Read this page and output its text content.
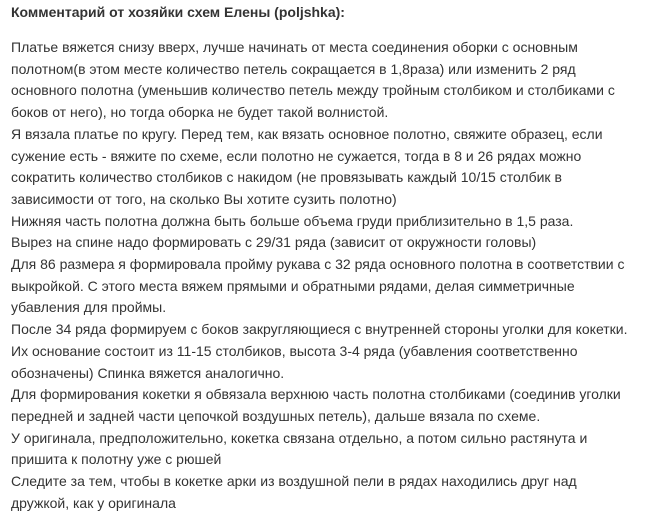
Комментарий от хозяйки схем Елены (poljshka):
Платье вяжется снизу вверх, лучше начинать от места соединения оборки с основным
полотном(в этом месте количество петель сокращается в 1,8раза) или изменить 2 ряд
основного полотна (уменьшив количество петель между тройным столбиком и столбиками с
боков от него), но тогда оборка не будет такой волнистой.
Я вязала платье по кругу. Перед тем, как вязать основное полотно, свяжите образец, если
сужение есть - вяжите по схеме, если полотно не сужается, тогда в 8 и 26 рядах можно
сократить количество столбиков с накидом (не провязывать каждый 10/15 столбик в
зависимости от того, на сколько Вы хотите сузить полотно)
Нижняя часть полотна должна быть больше объема груди приблизительно в 1,5 раза.
Вырез на спине надо формировать с 29/31 ряда (зависит от окружности головы)
Для 86 размера я формировала пройму рукава с 32 ряда основного полотна в соответствии с
выкройкой. С этого места вяжем прямыми и обратными рядами, делая симметричные
убавления для проймы.
После 34 ряда формируем с боков закругляющиеся с внутренней стороны уголки для кокетки.
Их основание состоит из 11-15 столбиков, высота 3-4 ряда (убавления соответственно
обозначены) Спинка вяжется аналогично.
Для формирования кокетки я обвязала верхнюю часть полотна столбиками (соединив уголки
передней и задней части цепочкой воздушных петель), дальше вязала по схеме.
У оригинала, предположительно, кокетка связана отдельно, а потом сильно растянута и
пришита к полотну уже с рюшей
Следите за тем, чтобы в кокетке арки из воздушной пели в рядах находились друг над
дружкой, как у оригинала
